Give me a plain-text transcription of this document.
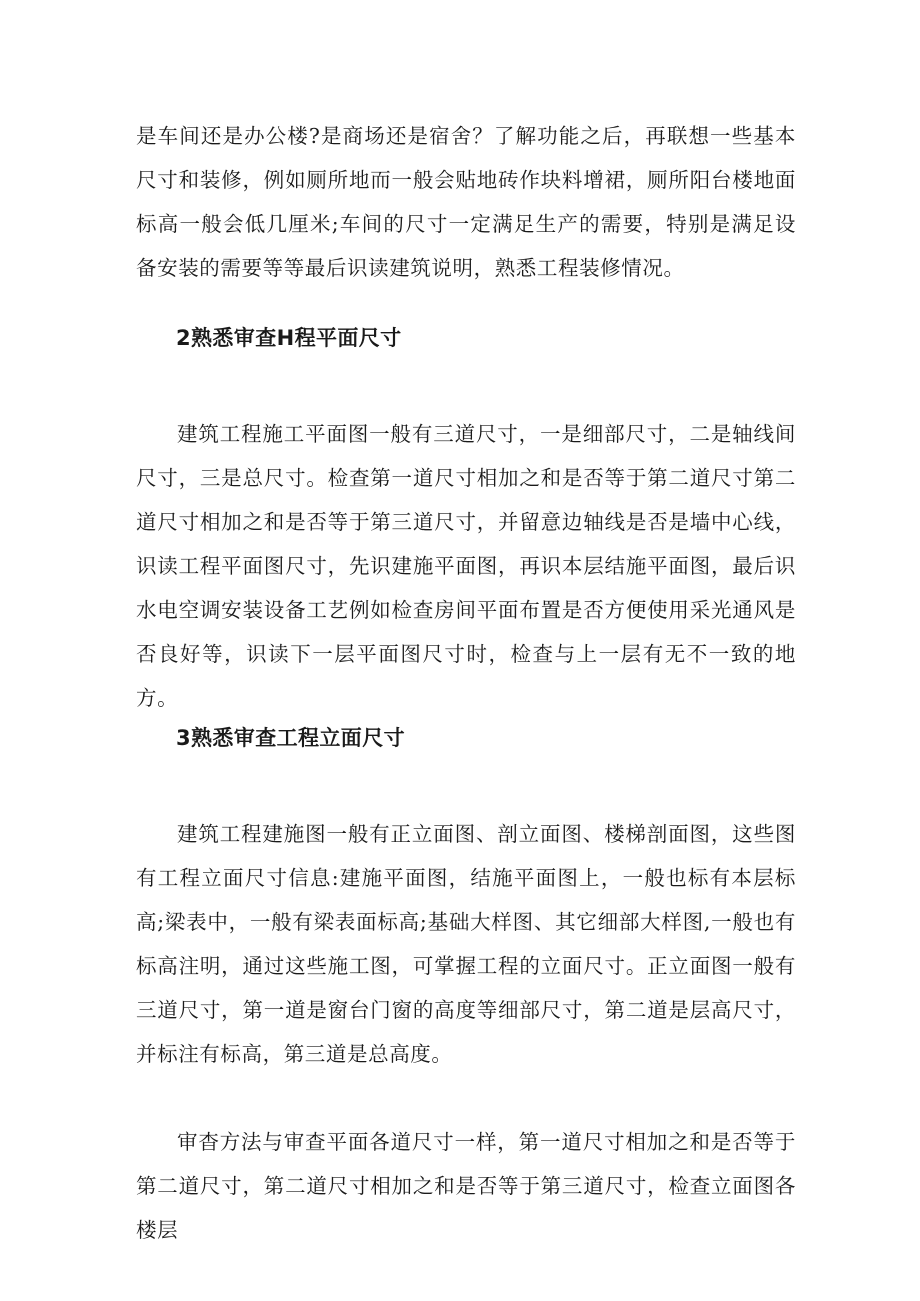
是车间还是办公楼?是商场还是宿舍？了解功能之后，再联想一些基本尺寸和装修，例如厕所地而一般会贴地砖作块料增裙，厕所阳台楼地面标高一般会低几厘米;车间的尺寸一定满足生产的需要，特别是满足设备安装的需要等等最后识读建筑说明，熟悉工程装修情况。

2熟悉审查H程平面尺寸

建筑工程施工平面图一般有三道尺寸，一是细部尺寸，二是轴线间尺寸，三是总尺寸。检查第一道尺寸相加之和是否等于第二道尺寸第二道尺寸相加之和是否等于第三道尺寸，并留意边轴线是否是墙中心线，识读工程平面图尺寸，先识建施平面图，再识本层结施平面图，最后识水电空调安装设备工艺例如检查房间平面布置是否方便使用采光通风是否良好等，识读下一层平面图尺寸时，检查与上一层有无不一致的地方。

3熟悉审查工程立面尺寸

建筑工程建施图一般有正立面图、剖立面图、楼梯剖面图，这些图有工程立面尺寸信息:建施平面图，结施平面图上，一般也标有本层标高;梁表中，一般有梁表面标高;基础大样图、其它细部大样图,一般也有标高注明，通过这些施工图，可掌握工程的立面尺寸。正立面图一般有三道尺寸，第一道是窗台门窗的高度等细部尺寸，第二道是层高尺寸，并标注有标高，第三道是总高度。

审杳方法与审查平面各道尺寸一样，第一道尺寸相加之和是否等于第二道尺寸，第二道尺寸相加之和是否等于第三道尺寸，检查立面图各楼层
